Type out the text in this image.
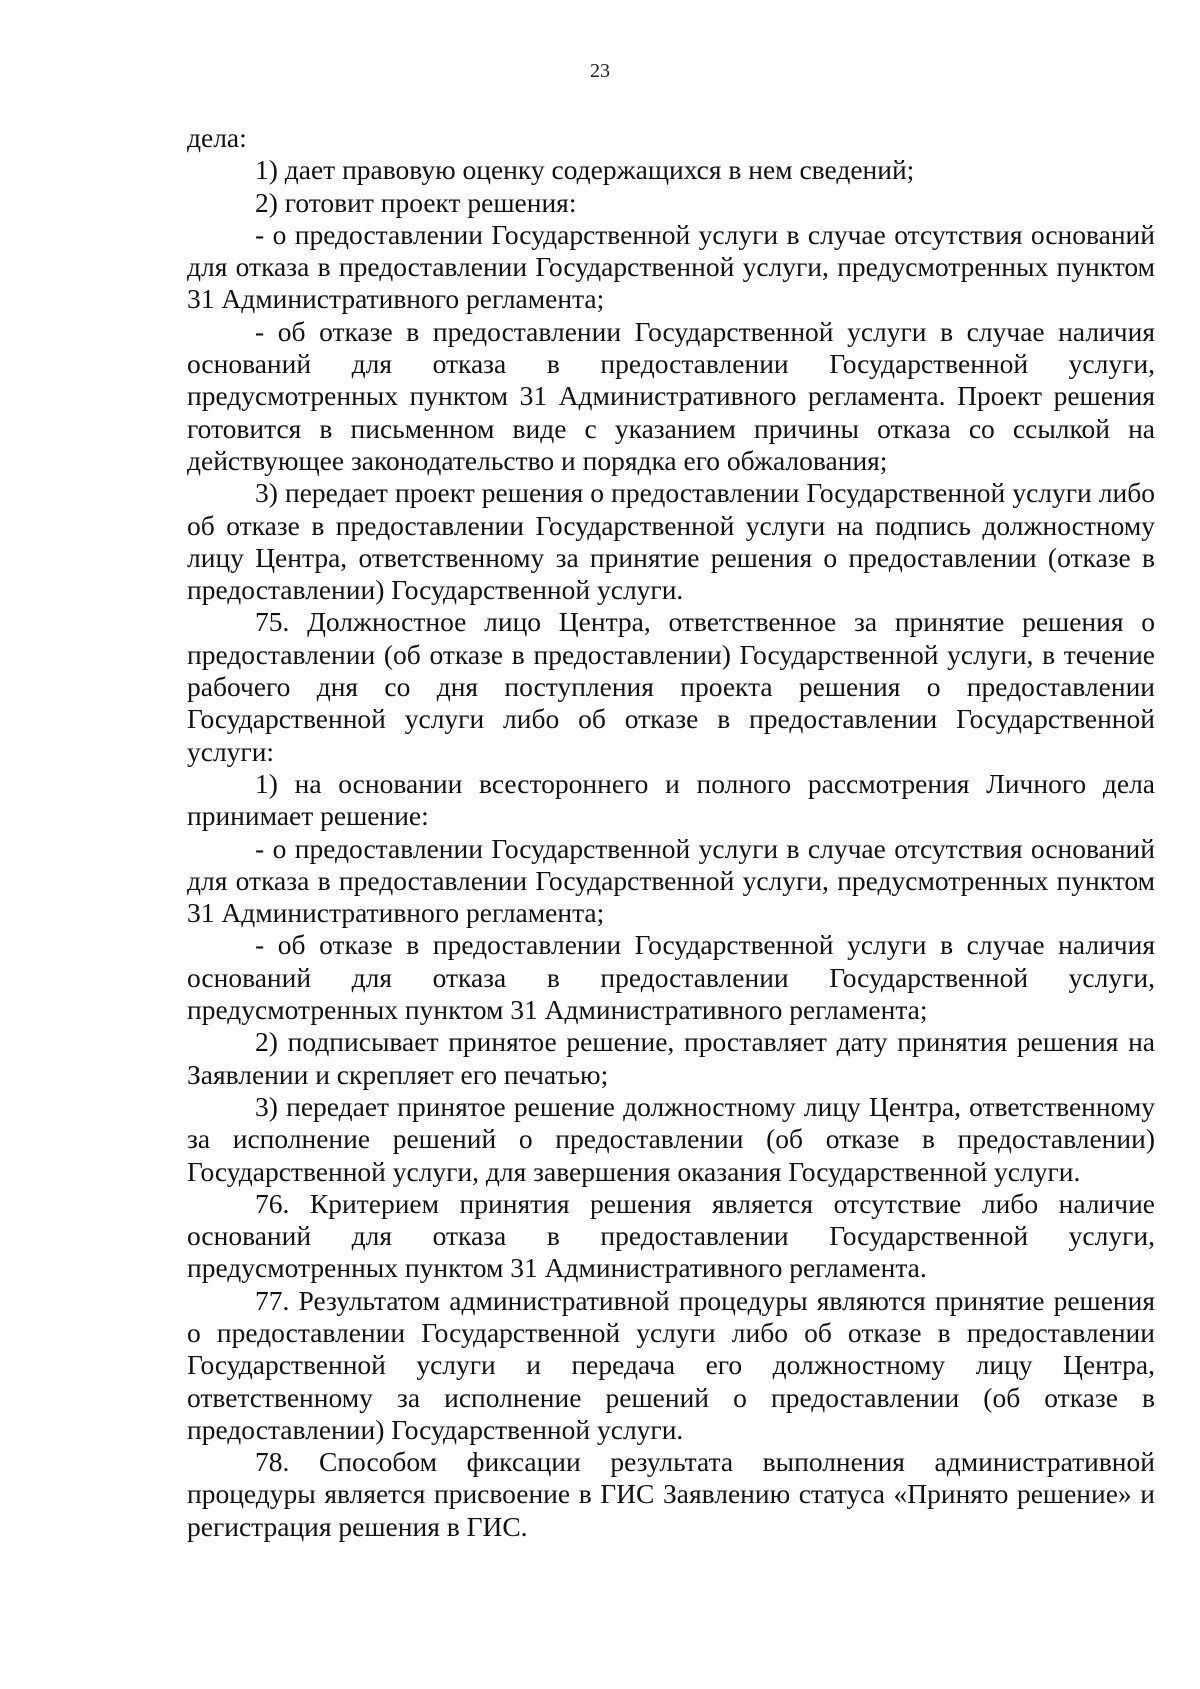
23

дела:

1) дает правовую оценку содержащихся в нем сведений;

2) готовит проект решения:

- о предоставлении Государственной услуги в случае отсутствия оснований для отказа в предоставлении Государственной услуги, предусмотренных пунктом 31 Административного регламента;

- об отказе в предоставлении Государственной услуги в случае наличия оснований для отказа в предоставлении Государственной услуги, предусмотренных пунктом 31 Административного регламента. Проект решения готовится в письменном виде с указанием причины отказа со ссылкой на действующее законодательство и порядка его обжалования;

3) передает проект решения о предоставлении Государственной услуги либо об отказе в предоставлении Государственной услуги на подпись должностному лицу Центра, ответственному за принятие решения о предоставлении (отказе в предоставлении) Государственной услуги.

75. Должностное лицо Центра, ответственное за принятие решения о предоставлении (об отказе в предоставлении) Государственной услуги, в течение рабочего дня со дня поступления проекта решения о предоставлении Государственной услуги либо об отказе в предоставлении Государственной услуги:

1) на основании всестороннего и полного рассмотрения Личного дела принимает решение:

- о предоставлении Государственной услуги в случае отсутствия оснований для отказа в предоставлении Государственной услуги, предусмотренных пунктом 31 Административного регламента;

- об отказе в предоставлении Государственной услуги в случае наличия оснований для отказа в предоставлении Государственной услуги, предусмотренных пунктом 31 Административного регламента;

2) подписывает принятое решение, проставляет дату принятия решения на Заявлении и скрепляет его печатью;

3) передает принятое решение должностному лицу Центра, ответственному за исполнение решений о предоставлении (об отказе в предоставлении) Государственной услуги, для завершения оказания Государственной услуги.

76. Критерием принятия решения является отсутствие либо наличие оснований для отказа в предоставлении Государственной услуги, предусмотренных пунктом 31 Административного регламента.

77. Результатом административной процедуры являются принятие решения о предоставлении Государственной услуги либо об отказе в предоставлении Государственной услуги и передача его должностному лицу Центра, ответственному за исполнение решений о предоставлении (об отказе в предоставлении) Государственной услуги.

78. Способом фиксации результата выполнения административной процедуры является присвоение в ГИС Заявлению статуса «Принято решение» и регистрация решения в ГИС.
